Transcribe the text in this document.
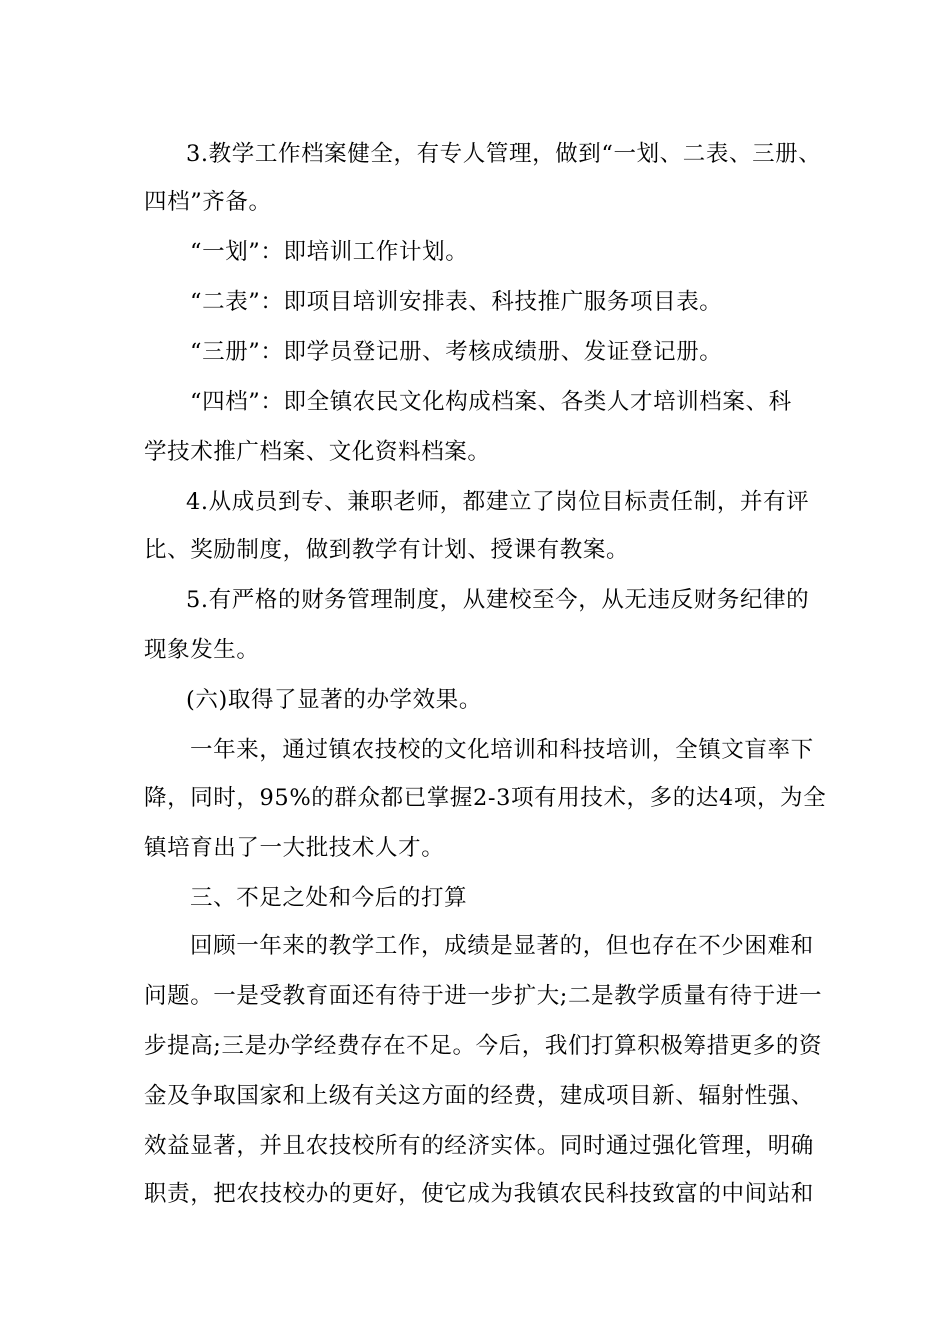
3.教学工作档案健全，有专人管理，做到“一划、二表、三册、
四档”齐备。
“一划”：即培训工作计划。
“二表”：即项目培训安排表、科技推广服务项目表。
“三册”：即学员登记册、考核成绩册、发证登记册。
“四档”：即全镇农民文化构成档案、各类人才培训档案、科
学技术推广档案、文化资料档案。
4.从成员到专、兼职老师，都建立了岗位目标责任制，并有评
比、奖励制度，做到教学有计划、授课有教案。
5.有严格的财务管理制度，从建校至今，从无违反财务纪律的
现象发生。
(六)取得了显著的办学效果。
一年来，通过镇农技校的文化培训和科技培训，全镇文盲率下
降，同时，95%的群众都已掌握2-3项有用技术，多的达4项，为全
镇培育出了一大批技术人才。
三、不足之处和今后的打算
回顾一年来的教学工作，成绩是显著的，但也存在不少困难和
问题。一是受教育面还有待于进一步扩大;二是教学质量有待于进一
步提高;三是办学经费存在不足。今后，我们打算积极筹措更多的资
金及争取国家和上级有关这方面的经费，建成项目新、辐射性强、
效益显著，并且农技校所有的经济实体。同时通过强化管理，明确
职责，把农技校办的更好，使它成为我镇农民科技致富的中间站和
